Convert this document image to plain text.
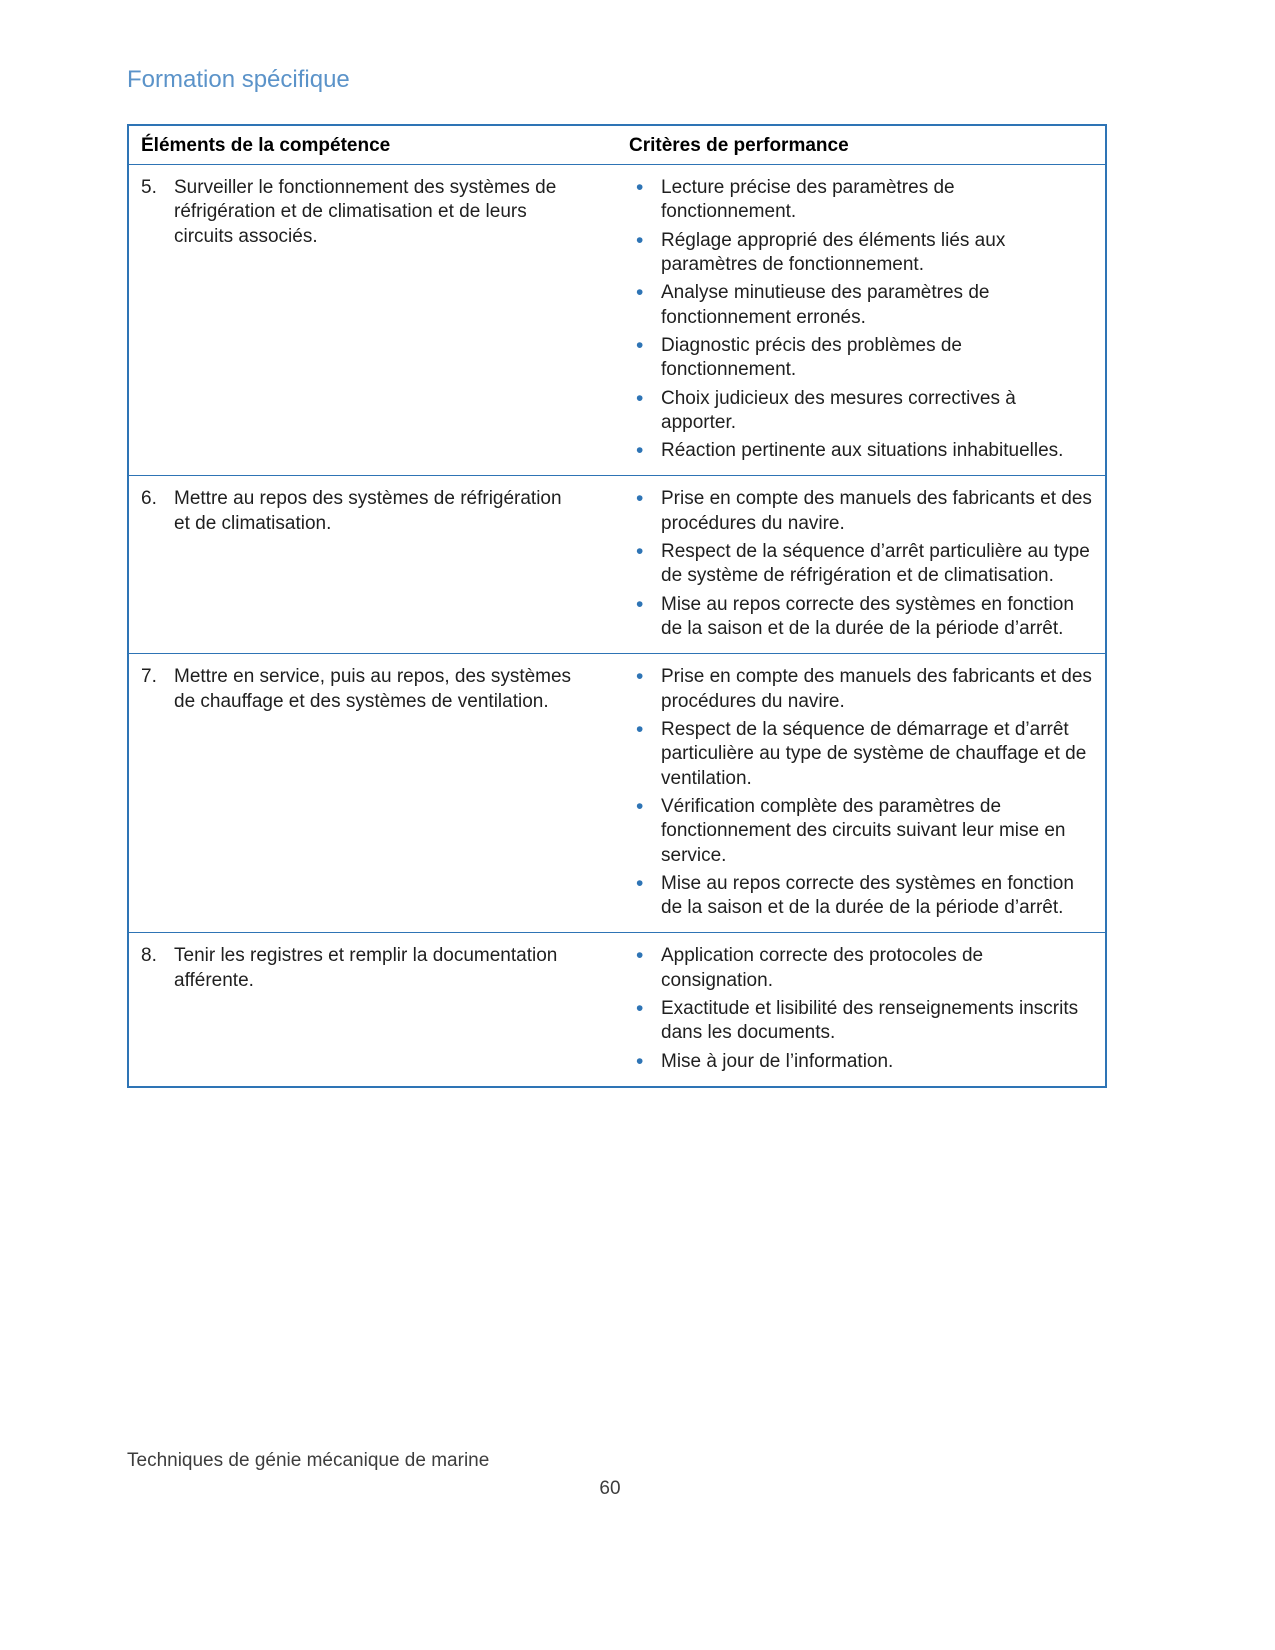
Formation spécifique
Éléments de la compétence	Critères de performance

5. Surveiller le fonctionnement des systèmes de réfrigération et de climatisation et de leurs circuits associés.

• Lecture précise des paramètres de fonctionnement.
• Réglage approprié des éléments liés aux paramètres de fonctionnement.
• Analyse minutieuse des paramètres de fonctionnement erronés.
• Diagnostic précis des problèmes de fonctionnement.
• Choix judicieux des mesures correctives à apporter.
• Réaction pertinente aux situations inhabituelles.

6. Mettre au repos des systèmes de réfrigération et de climatisation.

• Prise en compte des manuels des fabricants et des procédures du navire.
• Respect de la séquence d’arrêt particulière au type de système de réfrigération et de climatisation.
• Mise au repos correcte des systèmes en fonction de la saison et de la durée de la période d’arrêt.

7. Mettre en service, puis au repos, des systèmes de chauffage et des systèmes de ventilation.

• Prise en compte des manuels des fabricants et des procédures du navire.
• Respect de la séquence de démarrage et d’arrêt particulière au type de système de chauffage et de ventilation.
• Vérification complète des paramètres de fonctionnement des circuits suivant leur mise en service.
• Mise au repos correcte des systèmes en fonction de la saison et de la durée de la période d’arrêt.

8. Tenir les registres et remplir la documentation afférente.

• Application correcte des protocoles de consignation.
• Exactitude et lisibilité des renseignements inscrits dans les documents.
• Mise à jour de l’information.
Techniques de génie mécanique de marine
60
